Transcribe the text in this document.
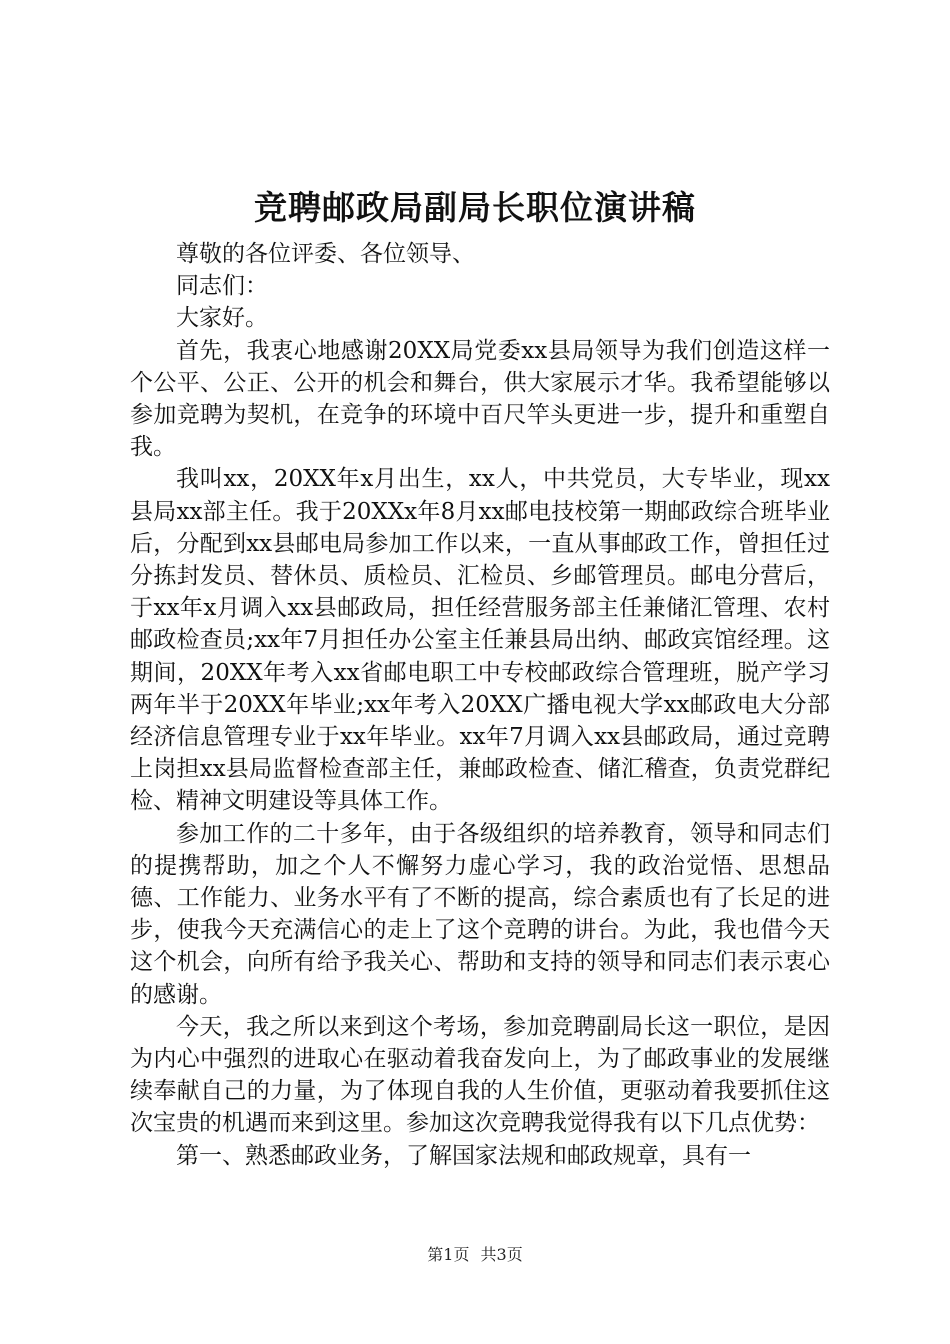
竞聘邮政局副局长职位演讲稿

尊敬的各位评委、各位领导、

同志们：

大家好。

首先，我衷心地感谢20XX局党委xx县局领导为我们创造这样一个公平、公正、公开的机会和舞台，供大家展示才华。我希望能够以参加竞聘为契机，在竞争的环境中百尺竿头更进一步，提升和重塑自我。

我叫xx，20XX年x月出生，xx人，中共党员，大专毕业，现xx县局xx部主任。我于20XXx年8月xx邮电技校第一期邮政综合班毕业后，分配到xx县邮电局参加工作以来，一直从事邮政工作，曾担任过分拣封发员、替休员、质检员、汇检员、乡邮管理员。邮电分营后，于xx年x月调入xx县邮政局，担任经营服务部主任兼储汇管理、农村邮政检查员;xx年7月担任办公室主任兼县局出纳、邮政宾馆经理。这期间，20XX年考入xx省邮电职工中专校邮政综合管理班，脱产学习两年半于20XX年毕业;xx年考入20XX广播电视大学xx邮政电大分部经济信息管理专业于xx年毕业。xx年7月调入xx县邮政局，通过竞聘上岗担xx县局监督检查部主任，兼邮政检查、储汇稽查，负责党群纪检、精神文明建设等具体工作。

参加工作的二十多年，由于各级组织的培养教育，领导和同志们的提携帮助，加之个人不懈努力虚心学习，我的政治觉悟、思想品德、工作能力、业务水平有了不断的提高，综合素质也有了长足的进步，使我今天充满信心的走上了这个竞聘的讲台。为此，我也借今天这个机会，向所有给予我关心、帮助和支持的领导和同志们表示衷心的感谢。

今天，我之所以来到这个考场，参加竞聘副局长这一职位，是因为内心中强烈的进取心在驱动着我奋发向上，为了邮政事业的发展继续奉献自己的力量，为了体现自我的人生价值，更驱动着我要抓住这次宝贵的机遇而来到这里。参加这次竞聘我觉得我有以下几点优势：

第一、熟悉邮政业务，了解国家法规和邮政规章，具有一

第1页 共3页
